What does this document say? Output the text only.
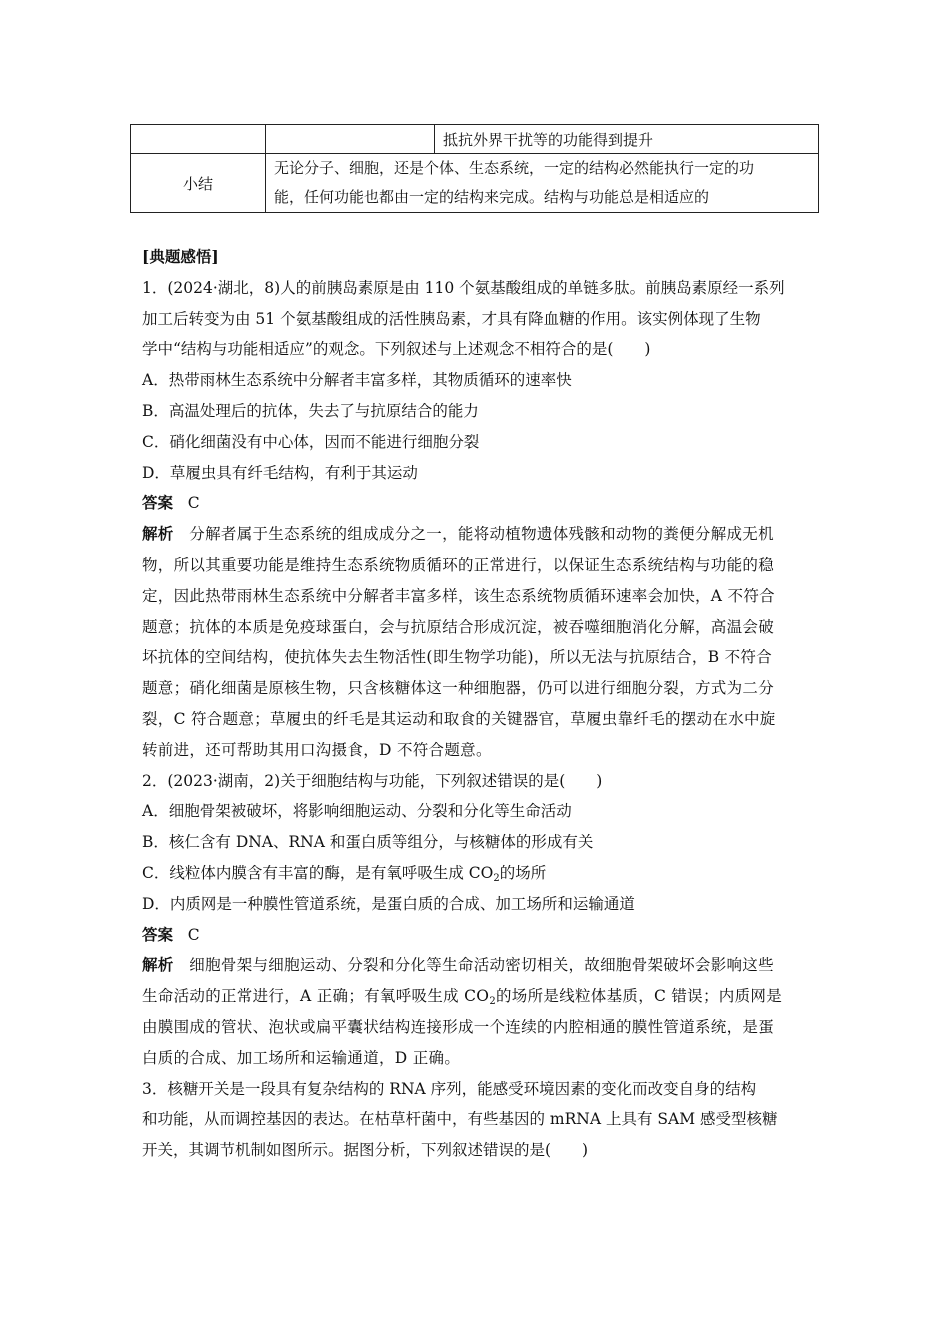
		抵抗外界干扰等的功能得到提升
小结	无论分子、细胞，还是个体、生态系统，一定的结构必然能执行一定的功
能，任何功能也都由一定的结构来完成。结构与功能总是相适应的	

[典题感悟]

1．(2024·湖北，8)人的前胰岛素原是由 110 个氨基酸组成的单链多肽。前胰岛素原经一系列

加工后转变为由 51 个氨基酸组成的活性胰岛素，才具有降血糖的作用。该实例体现了生物

学中“结构与功能相适应”的观念。下列叙述与上述观念不相符合的是(　　)

A．热带雨林生态系统中分解者丰富多样，其物质循环的速率快

B．高温处理后的抗体，失去了与抗原结合的能力

C．硝化细菌没有中心体，因而不能进行细胞分裂

D．草履虫具有纤毛结构，有利于其运动

答案 C

解析 分解者属于生态系统的组成成分之一，能将动植物遗体残骸和动物的粪便分解成无机

物，所以其重要功能是维持生态系统物质循环的正常进行，以保证生态系统结构与功能的稳

定，因此热带雨林生态系统中分解者丰富多样，该生态系统物质循环速率会加快，A 不符合

题意；抗体的本质是免疫球蛋白，会与抗原结合形成沉淀，被吞噬细胞消化分解，高温会破

坏抗体的空间结构，使抗体失去生物活性(即生物学功能)，所以无法与抗原结合，B 不符合

题意；硝化细菌是原核生物，只含核糖体这一种细胞器，仍可以进行细胞分裂，方式为二分

裂，C 符合题意；草履虫的纤毛是其运动和取食的关键器官，草履虫靠纤毛的摆动在水中旋

转前进，还可帮助其用口沟摄食，D 不符合题意。

2．(2023·湖南，2)关于细胞结构与功能，下列叙述错误的是(　　)

A．细胞骨架被破坏，将影响细胞运动、分裂和分化等生命活动

B．核仁含有 DNA、RNA 和蛋白质等组分，与核糖体的形成有关

C．线粒体内膜含有丰富的酶，是有氧呼吸生成 $CO_2$的场所

D．内质网是一种膜性管道系统，是蛋白质的合成、加工场所和运输通道

答案 C

解析 细胞骨架与细胞运动、分裂和分化等生命活动密切相关，故细胞骨架破坏会影响这些

生命活动的正常进行，A 正确；有氧呼吸生成 $CO_2$的场所是线粒体基质，C 错误；内质网是

由膜围成的管状、泡状或扁平囊状结构连接形成一个连续的内腔相通的膜性管道系统，是蛋

白质的合成、加工场所和运输通道，D 正确。

3．核糖开关是一段具有复杂结构的 RNA 序列，能感受环境因素的变化而改变自身的结构

和功能，从而调控基因的表达。在枯草杆菌中，有些基因的 mRNA 上具有 SAM 感受型核糖

开关，其调节机制如图所示。据图分析，下列叙述错误的是(　　)
